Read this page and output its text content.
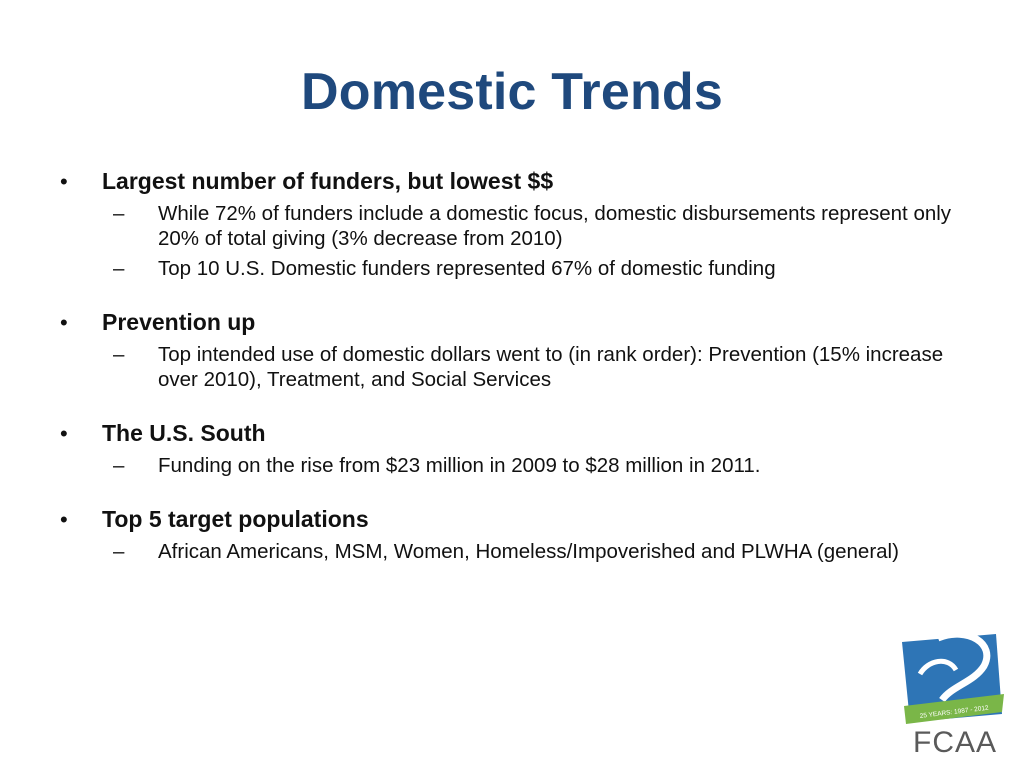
Domestic Trends
•	Largest number of funders, but lowest $$
–	While 72% of funders include a domestic focus, domestic disbursements represent only 20% of total giving (3% decrease from 2010)
–	Top 10 U.S. Domestic funders represented 67% of domestic funding
•	Prevention up
–	Top intended use of domestic dollars went to (in rank order): Prevention (15% increase over 2010), Treatment, and Social Services
•	The U.S. South
–	Funding on the rise from $23 million in 2009 to $28 million in 2011.
•	Top 5 target populations
–	African Americans, MSM, Women, Homeless/Impoverished and PLWHA (general)
25 YEARS: 1987 - 2012
FCAA
